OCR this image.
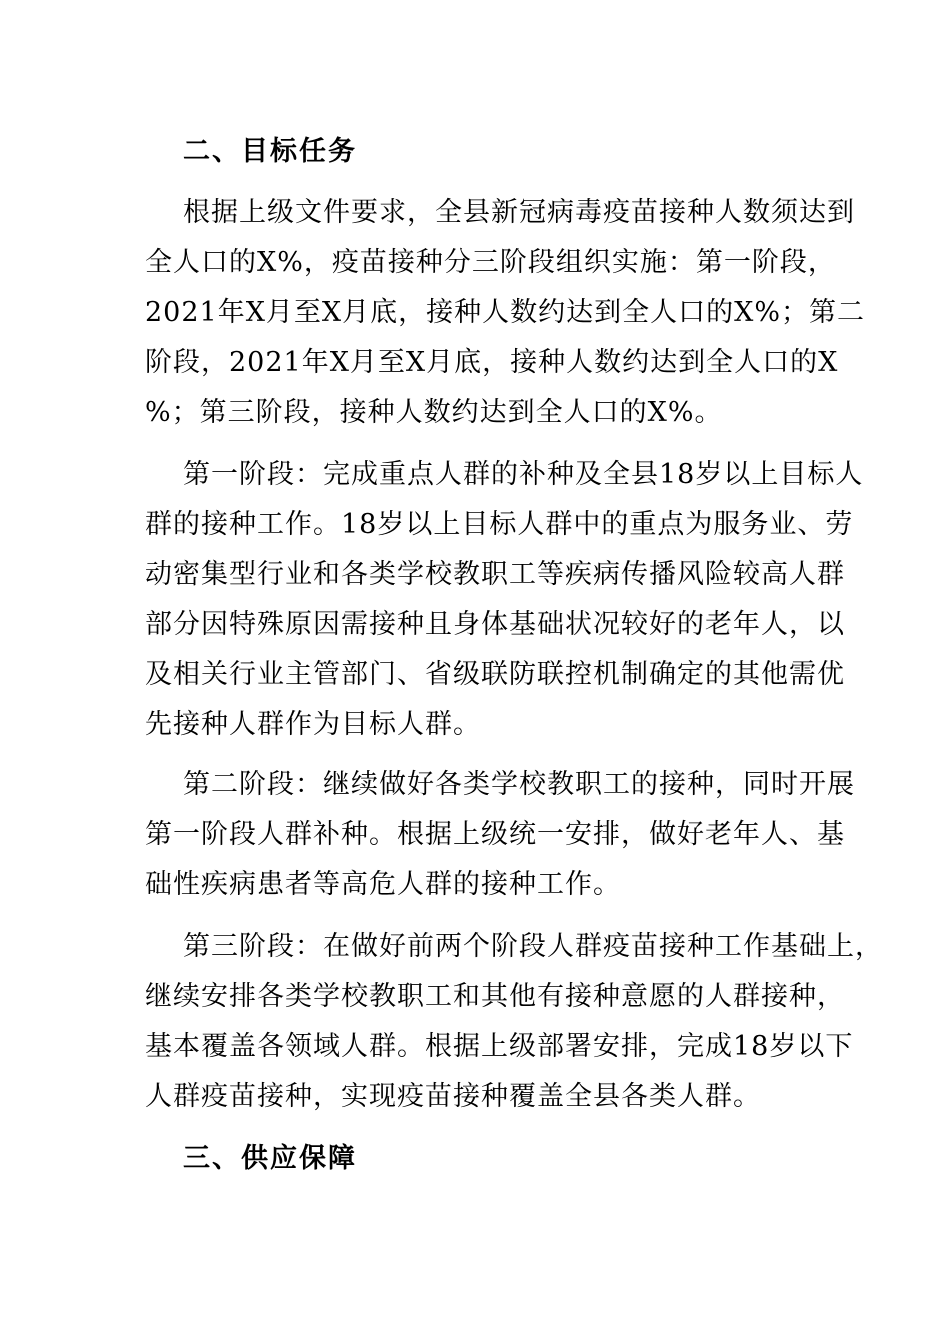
二、目标任务
根据上级文件要求，全县新冠病毒疫苗接种人数须达到
全人口的X%，疫苗接种分三阶段组织实施：第一阶段，
2021年X月至X月底，接种人数约达到全人口的X%；第二
阶段，2021年X月至X月底，接种人数约达到全人口的X
%；第三阶段，接种人数约达到全人口的X%。
第一阶段：完成重点人群的补种及全县18岁以上目标人
群的接种工作。18岁以上目标人群中的重点为服务业、劳
动密集型行业和各类学校教职工等疾病传播风险较高人群
部分因特殊原因需接种且身体基础状况较好的老年人，以
及相关行业主管部门、省级联防联控机制确定的其他需优
先接种人群作为目标人群。
第二阶段：继续做好各类学校教职工的接种，同时开展
第一阶段人群补种。根据上级统一安排，做好老年人、基
础性疾病患者等高危人群的接种工作。
第三阶段：在做好前两个阶段人群疫苗接种工作基础上，
继续安排各类学校教职工和其他有接种意愿的人群接种，
基本覆盖各领域人群。根据上级部署安排，完成18岁以下
人群疫苗接种，实现疫苗接种覆盖全县各类人群。
三、供应保障
